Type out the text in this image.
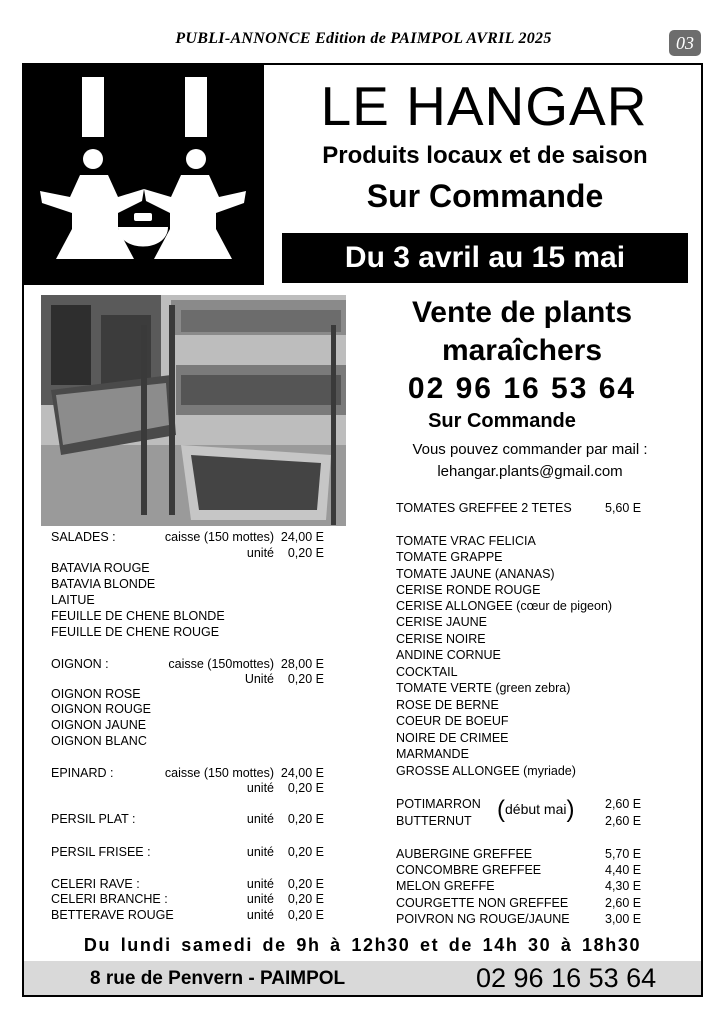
PUBLI-ANNONCE Edition de PAIMPOL AVRIL 2025	03
LE HANGAR
Produits locaux et de saison
Sur Commande
Du 3 avril au 15 mai
Vente de plants
maraîchers
02 96 16 53 64
Sur Commande
Vous pouvez commander par mail :
lehangar.plants@gmail.com
SALADES :	caisse (150 mottes) 24,00 E
unité 0,20 E
BATAVIA ROUGE
BATAVIA BLONDE
LAITUE
FEUILLE DE CHENE BLONDE
FEUILLE DE CHENE ROUGE
OIGNON :	caisse (150mottes) 28,00 E
Unité 0,20 E
OIGNON ROSE
OIGNON ROUGE
OIGNON JAUNE
OIGNON BLANC
EPINARD :	caisse (150 mottes) 24,00 E
unité 0,20 E
PERSIL PLAT :	unité 0,20 E
PERSIL FRISEE :	unité 0,20 E
CELERI RAVE :	unité 0,20 E
CELERI BRANCHE :	unité 0,20 E
BETTERAVE ROUGE	unité 0,20 E
TOMATES GREFFEE 2 TETES	5,60 E
TOMATE VRAC FELICIA
TOMATE GRAPPE
TOMATE JAUNE (ANANAS)
CERISE RONDE ROUGE
CERISE ALLONGEE (cœur de pigeon)
CERISE JAUNE
CERISE NOIRE
ANDINE CORNUE
COCKTAIL
TOMATE VERTE (green zebra)
ROSE DE BERNE
COEUR DE BOEUF
NOIRE DE CRIMEE
MARMANDE
GROSSE ALLONGEE (myriade)
POTIMARRON	2,60 E
BUTTERNUT	2,60 E
AUBERGINE GREFFEE	5,70 E
CONCOMBRE GREFFEE	4,40 E
MELON GREFFE	4,30 E
COURGETTE NON GREFFEE	2,60 E
POIVRON NG ROUGE/JAUNE	3,00 E
(début mai)
Du lundi samedi de 9h à 12h30 et de 14h 30 à 18h30
8 rue de Penvern - PAIMPOL	02 96 16 53 64
